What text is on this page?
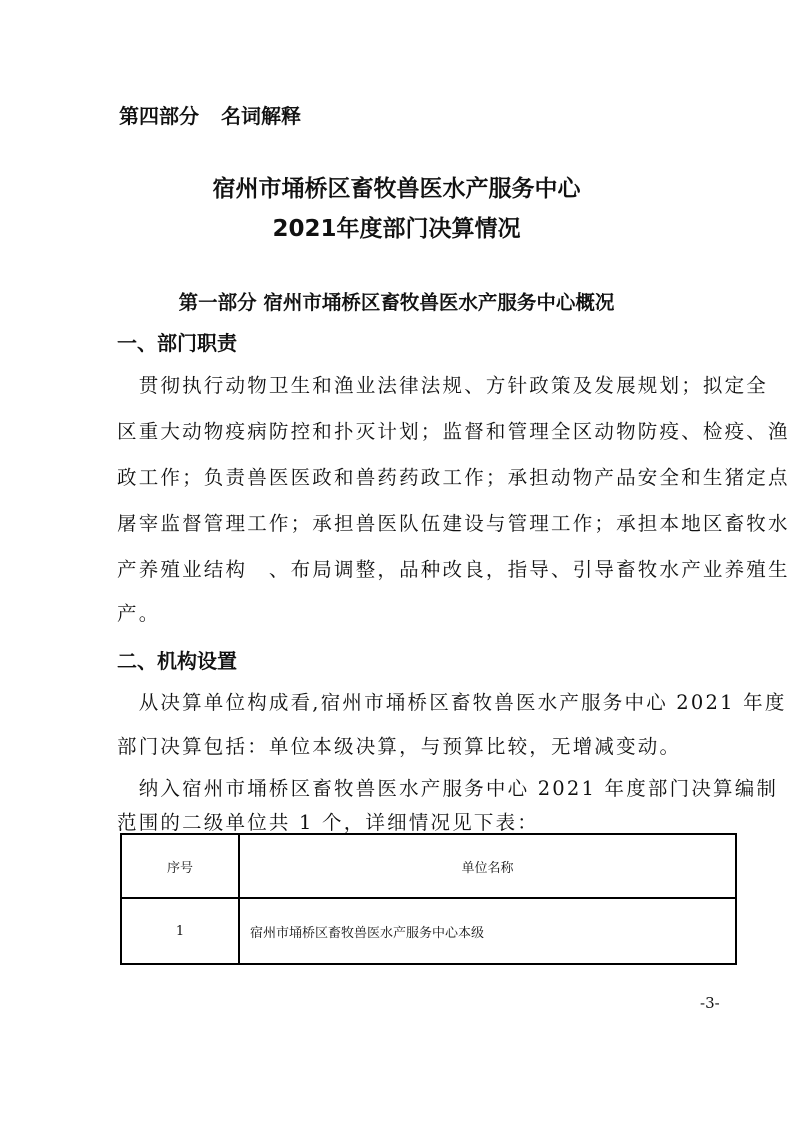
第四部分 名词解释
宿州市埇桥区畜牧兽医水产服务中心
2021年度部门决算情况
第一部分 宿州市埇桥区畜牧兽医水产服务中心概况
一、部门职责
　贯彻执行动物卫生和渔业法律法规、方针政策及发展规划；拟定全
区重大动物疫病防控和扑灭计划；监督和管理全区动物防疫、检疫、渔
政工作；负责兽医医政和兽药药政工作；承担动物产品安全和生猪定点
屠宰监督管理工作；承担兽医队伍建设与管理工作；承担本地区畜牧水
产养殖业结构　、布局调整，品种改良，指导、引导畜牧水产业养殖生
产。
二、机构设置
　从决算单位构成看,宿州市埇桥区畜牧兽医水产服务中心 2021 年度
部门决算包括：单位本级决算，与预算比较，无增减变动。
　纳入宿州市埇桥区畜牧兽医水产服务中心 2021 年度部门决算编制
范围的二级单位共 1 个，详细情况见下表：
序号	单位名称
1	宿州市埇桥区畜牧兽医水产服务中心本级
-3-
